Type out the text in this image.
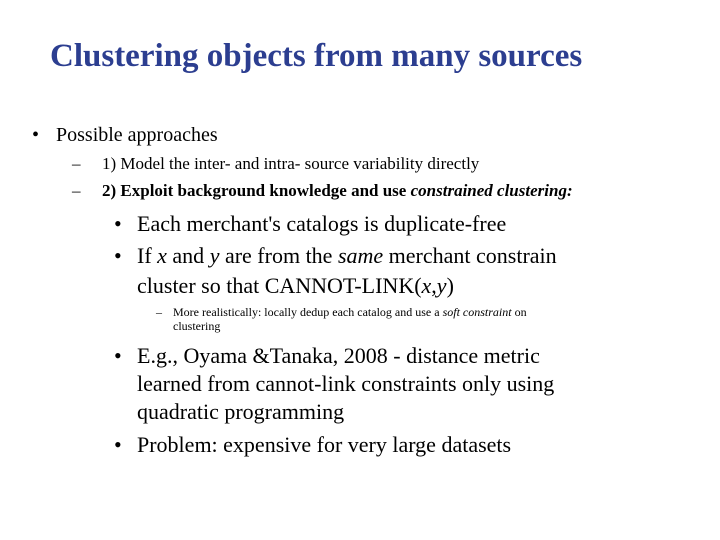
Clustering objects from many sources
• Possible approaches
– 1) Model the inter- and intra- source variability directly
– 2) Exploit background knowledge and use constrained clustering:
• Each merchant's catalogs is duplicate-free
• If x and y are from the same merchant constrain
cluster so that CANNOT-LINK(x,y)
– More realistically: locally dedup each catalog and use a soft constraint on
clustering
• E.g., Oyama &Tanaka, 2008 - distance metric
learned from cannot-link constraints only using
quadratic programming
• Problem: expensive for very large datasets
